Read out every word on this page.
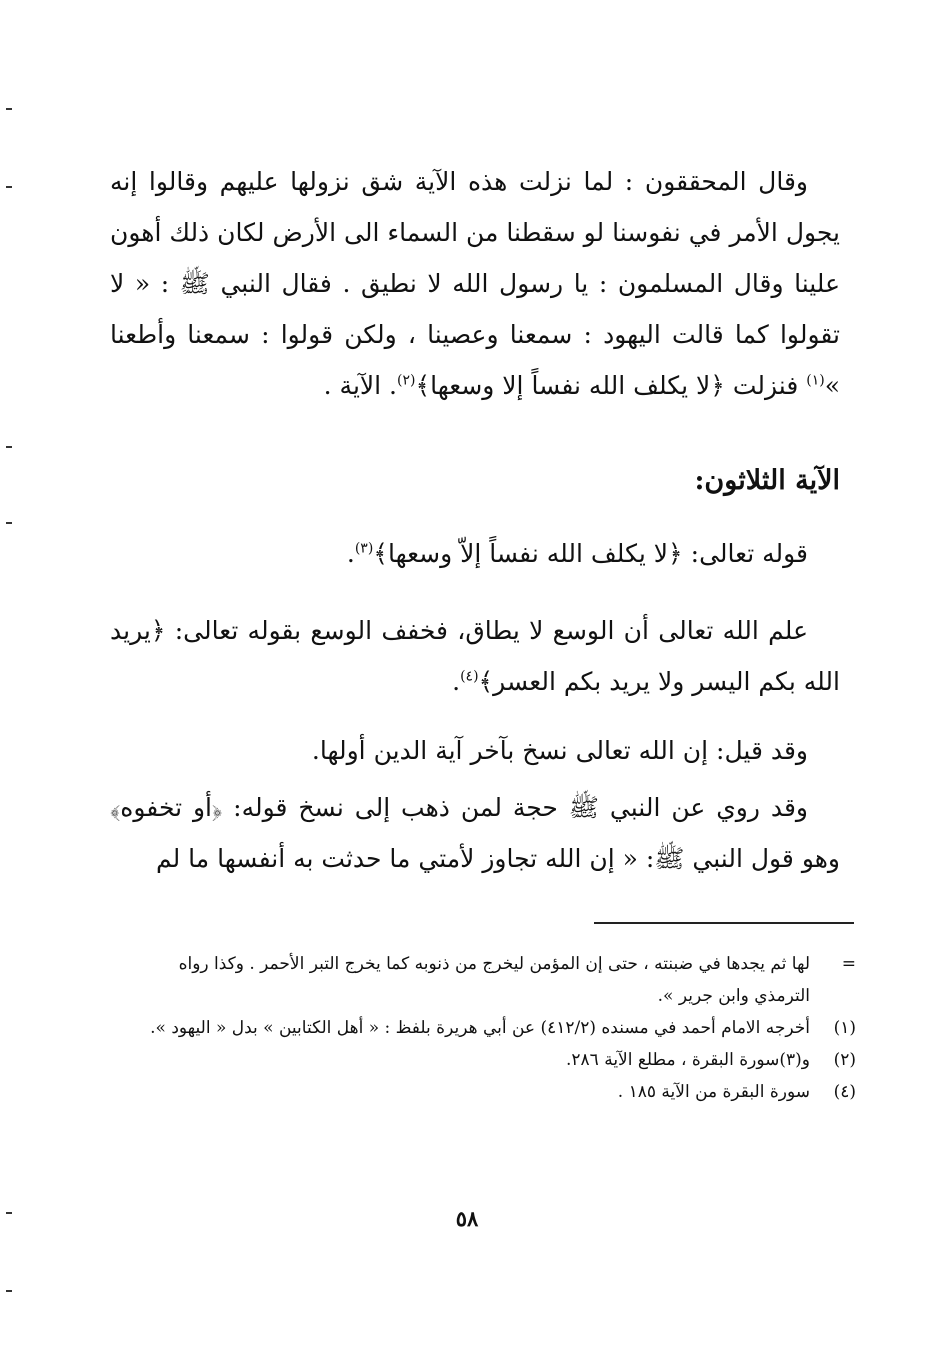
وقال المحققون : لما نزلت هذه الآية شق نزولها عليهم وقالوا إنه يجول الأمر في نفوسنا لو سقطنا من السماء الى الأرض لكان ذلك أهون علينا وقال المسلمون : يا رسول الله لا نطيق . فقال النبي ﷺ : « لا تقولوا كما قالت اليهود : سمعنا وعصينا ، ولكن قولوا : سمعنا وأطعنا »$^{(١)}$ فنزلت ﴿لا يكلف الله نفساً إلا وسعها﴾$^{(٢)}$. الآية .

الآية الثلاثون:

قوله تعالى: ﴿لا يكلف الله نفساً إلاّ وسعها﴾$^{(٣)}$.

علم الله تعالى أن الوسع لا يطاق، فخفف الوسع بقوله تعالى: ﴿يريد الله بكم اليسر ولا يريد بكم العسر﴾$^{(٤)}$.

وقد قيل: إن الله تعالى نسخ بآخر آية الدين أولها.

وقد روي عن النبي ﷺ حجة لمن ذهب إلى نسخ قوله: ﴿أو تخفوه﴾ وهو قول النبي ﷺ: « إن الله تجاوز لأمتي ما حدثت به أنفسها ما لم

=
لها ثم يجدها في ضبنته ، حتى إن المؤمن ليخرج من ذنوبه كما يخرج التبر الأحمر . وكذا رواه الترمذي وابن جرير ».
(١)
أخرجه الامام أحمد في مسنده (٤١٢/٢) عن أبي هريرة بلفظ : « أهل الكتابين » بدل « اليهود ».
(٢)
و(٣)سورة البقرة ، مطلع الآية ٢٨٦.
(٤)
سورة البقرة من الآية ١٨٥ .
٥٨
